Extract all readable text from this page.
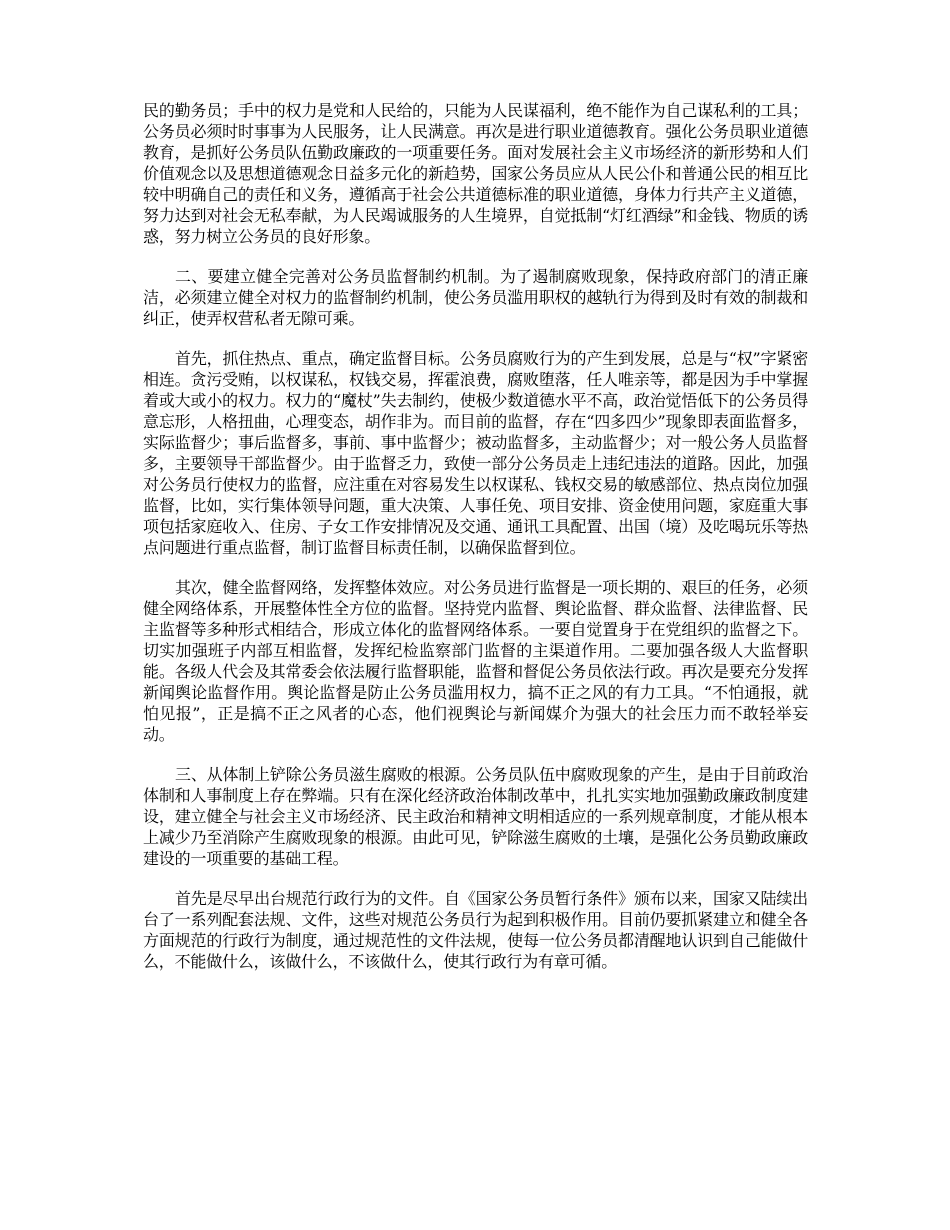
民的勤务员；手中的权力是党和人民给的，只能为人民谋福利，绝不能作为自己谋私利的工具；公务员必须时时事事为人民服务，让人民满意。再次是进行职业道德教育。强化公务员职业道德教育，是抓好公务员队伍勤政廉政的一项重要任务。面对发展社会主义市场经济的新形势和人们价值观念以及思想道德观念日益多元化的新趋势，国家公务员应从人民公仆和普通公民的相互比较中明确自己的责任和义务，遵循高于社会公共道德标准的职业道德，身体力行共产主义道德，努力达到对社会无私奉献，为人民竭诚服务的人生境界，自觉抵制“灯红酒绿”和金钱、物质的诱惑，努力树立公务员的良好形象。

二、要建立健全完善对公务员监督制约机制。为了遏制腐败现象，保持政府部门的清正廉洁，必须建立健全对权力的监督制约机制，使公务员滥用职权的越轨行为得到及时有效的制裁和纠正，使弄权营私者无隙可乘。

首先，抓住热点、重点，确定监督目标。公务员腐败行为的产生到发展，总是与“权”字紧密相连。贪污受贿，以权谋私，权钱交易，挥霍浪费，腐败堕落，任人唯亲等，都是因为手中掌握着或大或小的权力。权力的“魔杖”失去制约，使极少数道德水平不高，政治觉悟低下的公务员得意忘形，人格扭曲，心理变态，胡作非为。而目前的监督，存在“四多四少”现象即表面监督多，实际监督少；事后监督多，事前、事中监督少；被动监督多，主动监督少；对一般公务人员监督多，主要领导干部监督少。由于监督乏力，致使一部分公务员走上违纪违法的道路。因此，加强对公务员行使权力的监督，应注重在对容易发生以权谋私、钱权交易的敏感部位、热点岗位加强监督，比如，实行集体领导问题，重大决策、人事任免、项目安排、资金使用问题，家庭重大事项包括家庭收入、住房、子女工作安排情况及交通、通讯工具配置、出国（境）及吃喝玩乐等热点问题进行重点监督，制订监督目标责任制，以确保监督到位。

其次，健全监督网络，发挥整体效应。对公务员进行监督是一项长期的、艰巨的任务，必须健全网络体系，开展整体性全方位的监督。坚持党内监督、舆论监督、群众监督、法律监督、民主监督等多种形式相结合，形成立体化的监督网络体系。一要自觉置身于在党组织的监督之下。切实加强班子内部互相监督，发挥纪检监察部门监督的主渠道作用。二要加强各级人大监督职能。各级人代会及其常委会依法履行监督职能，监督和督促公务员依法行政。再次是要充分发挥新闻舆论监督作用。舆论监督是防止公务员滥用权力，搞不正之风的有力工具。“不怕通报，就怕见报”，正是搞不正之风者的心态，他们视舆论与新闻媒介为强大的社会压力而不敢轻举妄动。

三、从体制上铲除公务员滋生腐败的根源。公务员队伍中腐败现象的产生，是由于目前政治体制和人事制度上存在弊端。只有在深化经济政治体制改革中，扎扎实实地加强勤政廉政制度建设，建立健全与社会主义市场经济、民主政治和精神文明相适应的一系列规章制度，才能从根本上减少乃至消除产生腐败现象的根源。由此可见，铲除滋生腐败的土壤，是强化公务员勤政廉政建设的一项重要的基础工程。

首先是尽早出台规范行政行为的文件。自《国家公务员暂行条件》颁布以来，国家又陆续出台了一系列配套法规、文件，这些对规范公务员行为起到积极作用。目前仍要抓紧建立和健全各方面规范的行政行为制度，通过规范性的文件法规，使每一位公务员都清醒地认识到自己能做什么，不能做什么，该做什么，不该做什么，使其行政行为有章可循。
